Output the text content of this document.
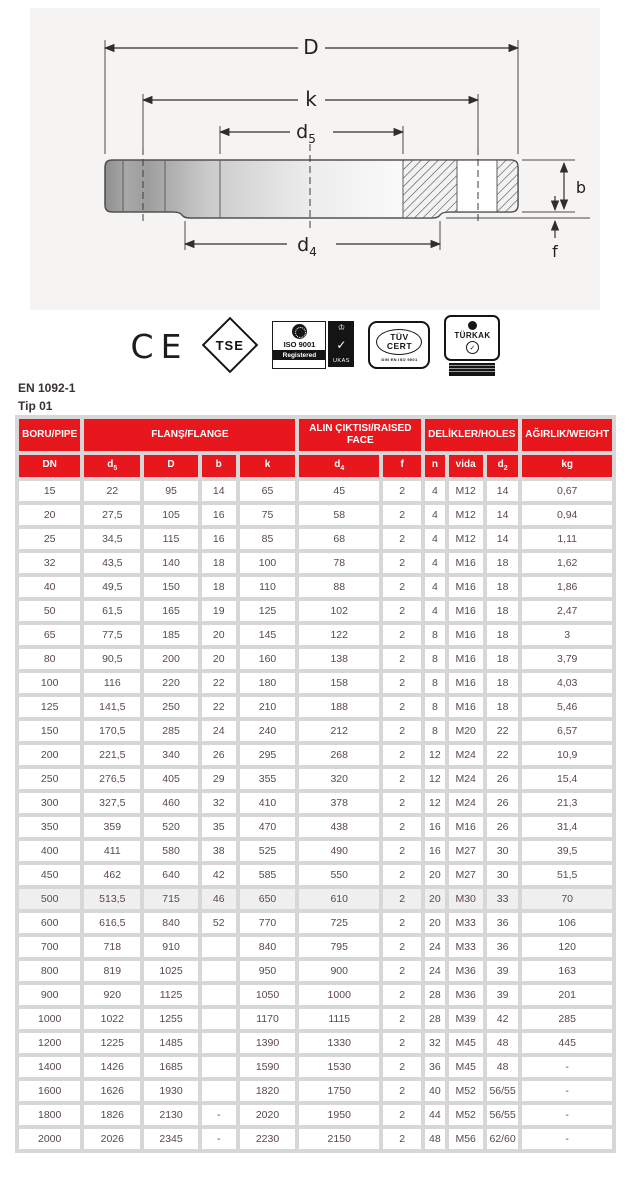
D
k
$d_5$
$d_4$
b
f
CE TSE	ISO 9001
Registered
♔
✓
UKAS
TÜV
CERT
DIN EN ISO 9001
TÜRKAK
✓
EN 1092-1
Tip 01
BORU/PIPE	FLANŞ/FLANGE				ALIN ÇIKTISI/RAISED FACE		DELİKLER/HOLES			AĞIRLIK/WEIGHT
DN	$d_5$	D	b	k	$d_4$	f	n	vida	$d_2$	kg
15	22	95	14	65	45	2	4	M12	14	0,67
20	27,5	105	16	75	58	2	4	M12	14	0,94
25	34,5	115	16	85	68	2	4	M12	14	1,11
32	43,5	140	18	100	78	2	4	M16	18	1,62
40	49,5	150	18	110	88	2	4	M16	18	1,86
50	61,5	165	19	125	102	2	4	M16	18	2,47
65	77,5	185	20	145	122	2	8	M16	18	3
80	90,5	200	20	160	138	2	8	M16	18	3,79
100	116	220	22	180	158	2	8	M16	18	4,03
125	141,5	250	22	210	188	2	8	M16	18	5,46
150	170,5	285	24	240	212	2	8	M20	22	6,57
200	221,5	340	26	295	268	2	12	M24	22	10,9
250	276,5	405	29	355	320	2	12	M24	26	15,4
300	327,5	460	32	410	378	2	12	M24	26	21,3
350	359	520	35	470	438	2	16	M16	26	31,4
400	411	580	38	525	490	2	16	M27	30	39,5
450	462	640	42	585	550	2	20	M27	30	51,5
500	513,5	715	46	650	610	2	20	M30	33	70
600	616,5	840	52	770	725	2	20	M33	36	106
700	718	910		840	795	2	24	M33	36	120
800	819	1025		950	900	2	24	M36	39	163
900	920	1125		1050	1000	2	28	M36	39	201
1000	1022	1255		1170	1115	2	28	M39	42	285
1200	1225	1485		1390	1330	2	32	M45	48	445
1400	1426	1685		1590	1530	2	36	M45	48	-
1600	1626	1930		1820	1750	2	40	M52	56/55	-
1800	1826	2130	-	2020	1950	2	44	M52	56/55	-
2000	2026	2345	-	2230	2150	2	48	M56	62/60	-
